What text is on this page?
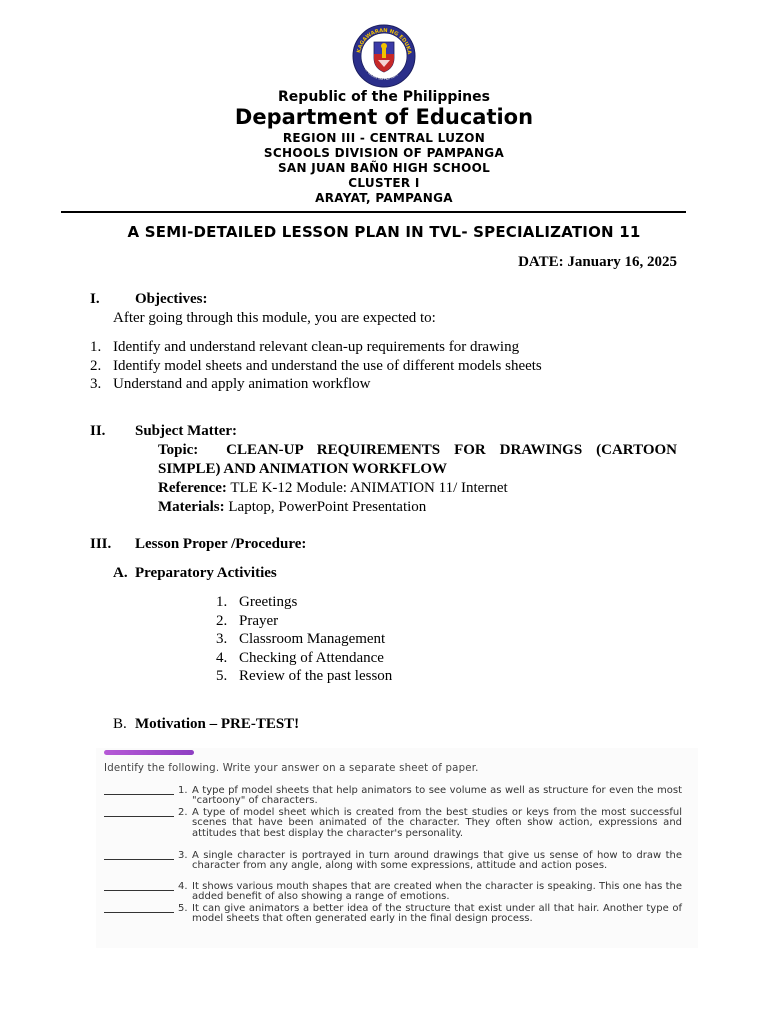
KAGAWARAN NG EDUKA
REPUBLIKA NG PILIPINAS
Republic of the Philippines
Department of Education
REGION III - CENTRAL LUZON
SCHOOLS DIVISION OF PAMPANGA
SAN JUAN BAÑ0 HIGH SCHOOL
CLUSTER I
ARAYAT, PAMPANGA
A SEMI-DETAILED LESSON PLAN IN TVL- SPECIALIZATION 11
DATE: January 16, 2025
I. Objectives:
After going through this module, you are expected to:
1. Identify and understand relevant clean-up requirements for drawing
2. Identify model sheets and understand the use of different models sheets
3. Understand and apply animation workflow
II. Subject Matter:
Topic: CLEAN-UP REQUIREMENTS FOR DRAWINGS (CARTOON SIMPLE) AND ANIMATION WORKFLOW
Reference: TLE K-12 Module: ANIMATION 11/ Internet
Materials: Laptop, PowerPoint Presentation
III. Lesson Proper /Procedure:
A. Preparatory Activities
1. Greetings
2. Prayer
3. Classroom Management
4. Checking of Attendance
5. Review of the past lesson
B. Motivation – PRE-TEST!
Identify the following. Write your answer on a separate sheet of paper.
1. A type pf model sheets that help animators to see volume as well as structure for even the most "cartoony" of characters.
2. A type of model sheet which is created from the best studies or keys from the most successful scenes that have been animated of the character. They often show action, expressions and attitudes that best display the character's personality.
3. A single character is portrayed in turn around drawings that give us sense of how to draw the character from any angle, along with some expressions, attitude and action poses.
4. It shows various mouth shapes that are created when the character is speaking. This one has the added benefit of also showing a range of emotions.
5. It can give animators a better idea of the structure that exist under all that hair. Another type of model sheets that often generated early in the final design process.
